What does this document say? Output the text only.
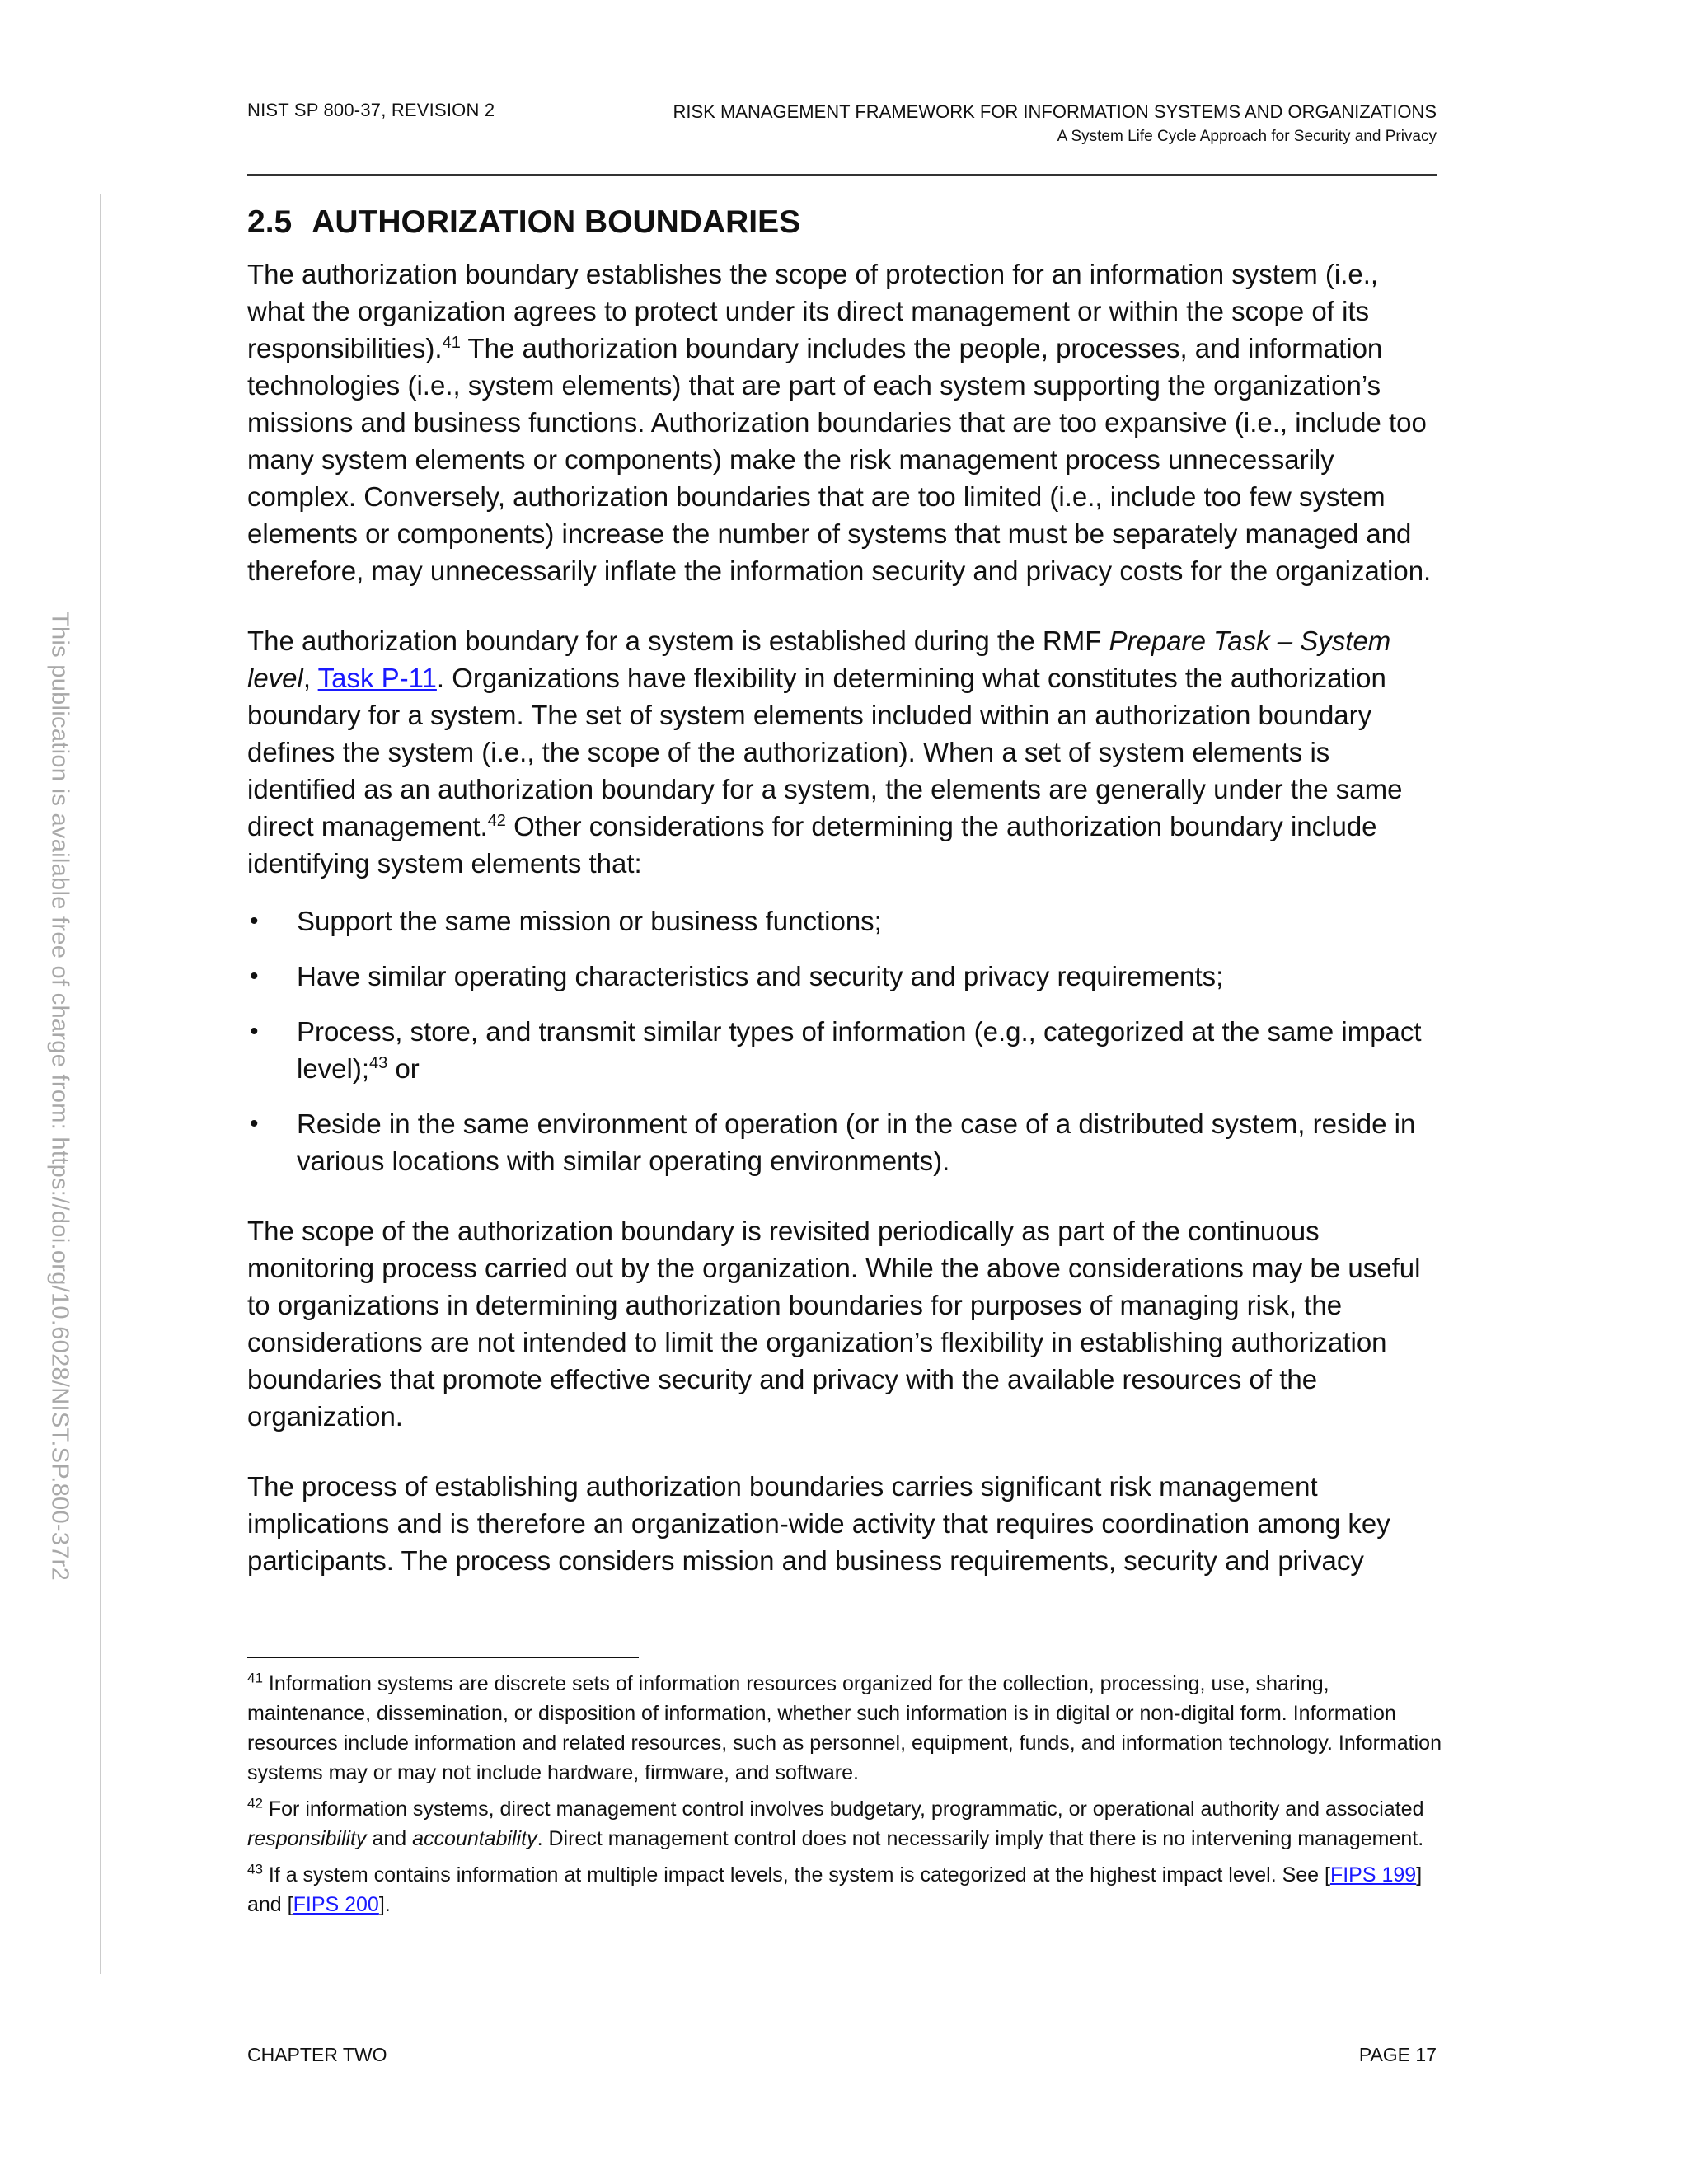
NIST SP 800-37, REVISION 2	RISK MANAGEMENT FRAMEWORK FOR INFORMATION SYSTEMS AND ORGANIZATIONS
A System Life Cycle Approach for Security and Privacy
This publication is available free of charge from: https://doi.org/10.6028/NIST.SP.800-37r2
2.5 AUTHORIZATION BOUNDARIES

The authorization boundary establishes the scope of protection for an information system (i.e., what the organization agrees to protect under its direct management or within the scope of its responsibilities).$^{41}$ The authorization boundary includes the people, processes, and information technologies (i.e., system elements) that are part of each system supporting the organization’s missions and business functions. Authorization boundaries that are too expansive (i.e., include too many system elements or components) make the risk management process unnecessarily complex. Conversely, authorization boundaries that are too limited (i.e., include too few system elements or components) increase the number of systems that must be separately managed and therefore, may unnecessarily inflate the information security and privacy costs for the organization.

The authorization boundary for a system is established during the RMF Prepare Task – System level, Task P-11. Organizations have flexibility in determining what constitutes the authorization boundary for a system. The set of system elements included within an authorization boundary defines the system (i.e., the scope of the authorization). When a set of system elements is identified as an authorization boundary for a system, the elements are generally under the same direct management.$^{42}$ Other considerations for determining the authorization boundary include identifying system elements that:

• Support the same mission or business functions;
• Have similar operating characteristics and security and privacy requirements;
• Process, store, and transmit similar types of information (e.g., categorized at the same impact level);$^{43}$ or
• Reside in the same environment of operation (or in the case of a distributed system, reside in various locations with similar operating environments).

The scope of the authorization boundary is revisited periodically as part of the continuous monitoring process carried out by the organization. While the above considerations may be useful to organizations in determining authorization boundaries for purposes of managing risk, the considerations are not intended to limit the organization’s flexibility in establishing authorization boundaries that promote effective security and privacy with the available resources of the organization.

The process of establishing authorization boundaries carries significant risk management implications and is therefore an organization-wide activity that requires coordination among key participants. The process considers mission and business requirements, security and privacy

$^{41}$ Information systems are discrete sets of information resources organized for the collection, processing, use, sharing, maintenance, dissemination, or disposition of information, whether such information is in digital or non-digital form. Information resources include information and related resources, such as personnel, equipment, funds, and information technology. Information systems may or may not include hardware, firmware, and software.
$^{42}$ For information systems, direct management control involves budgetary, programmatic, or operational authority and associated responsibility and accountability. Direct management control does not necessarily imply that there is no intervening management.
$^{43}$ If a system contains information at multiple impact levels, the system is categorized at the highest impact level. See [FIPS 199] and [FIPS 200].
CHAPTER TWO	PAGE 17
